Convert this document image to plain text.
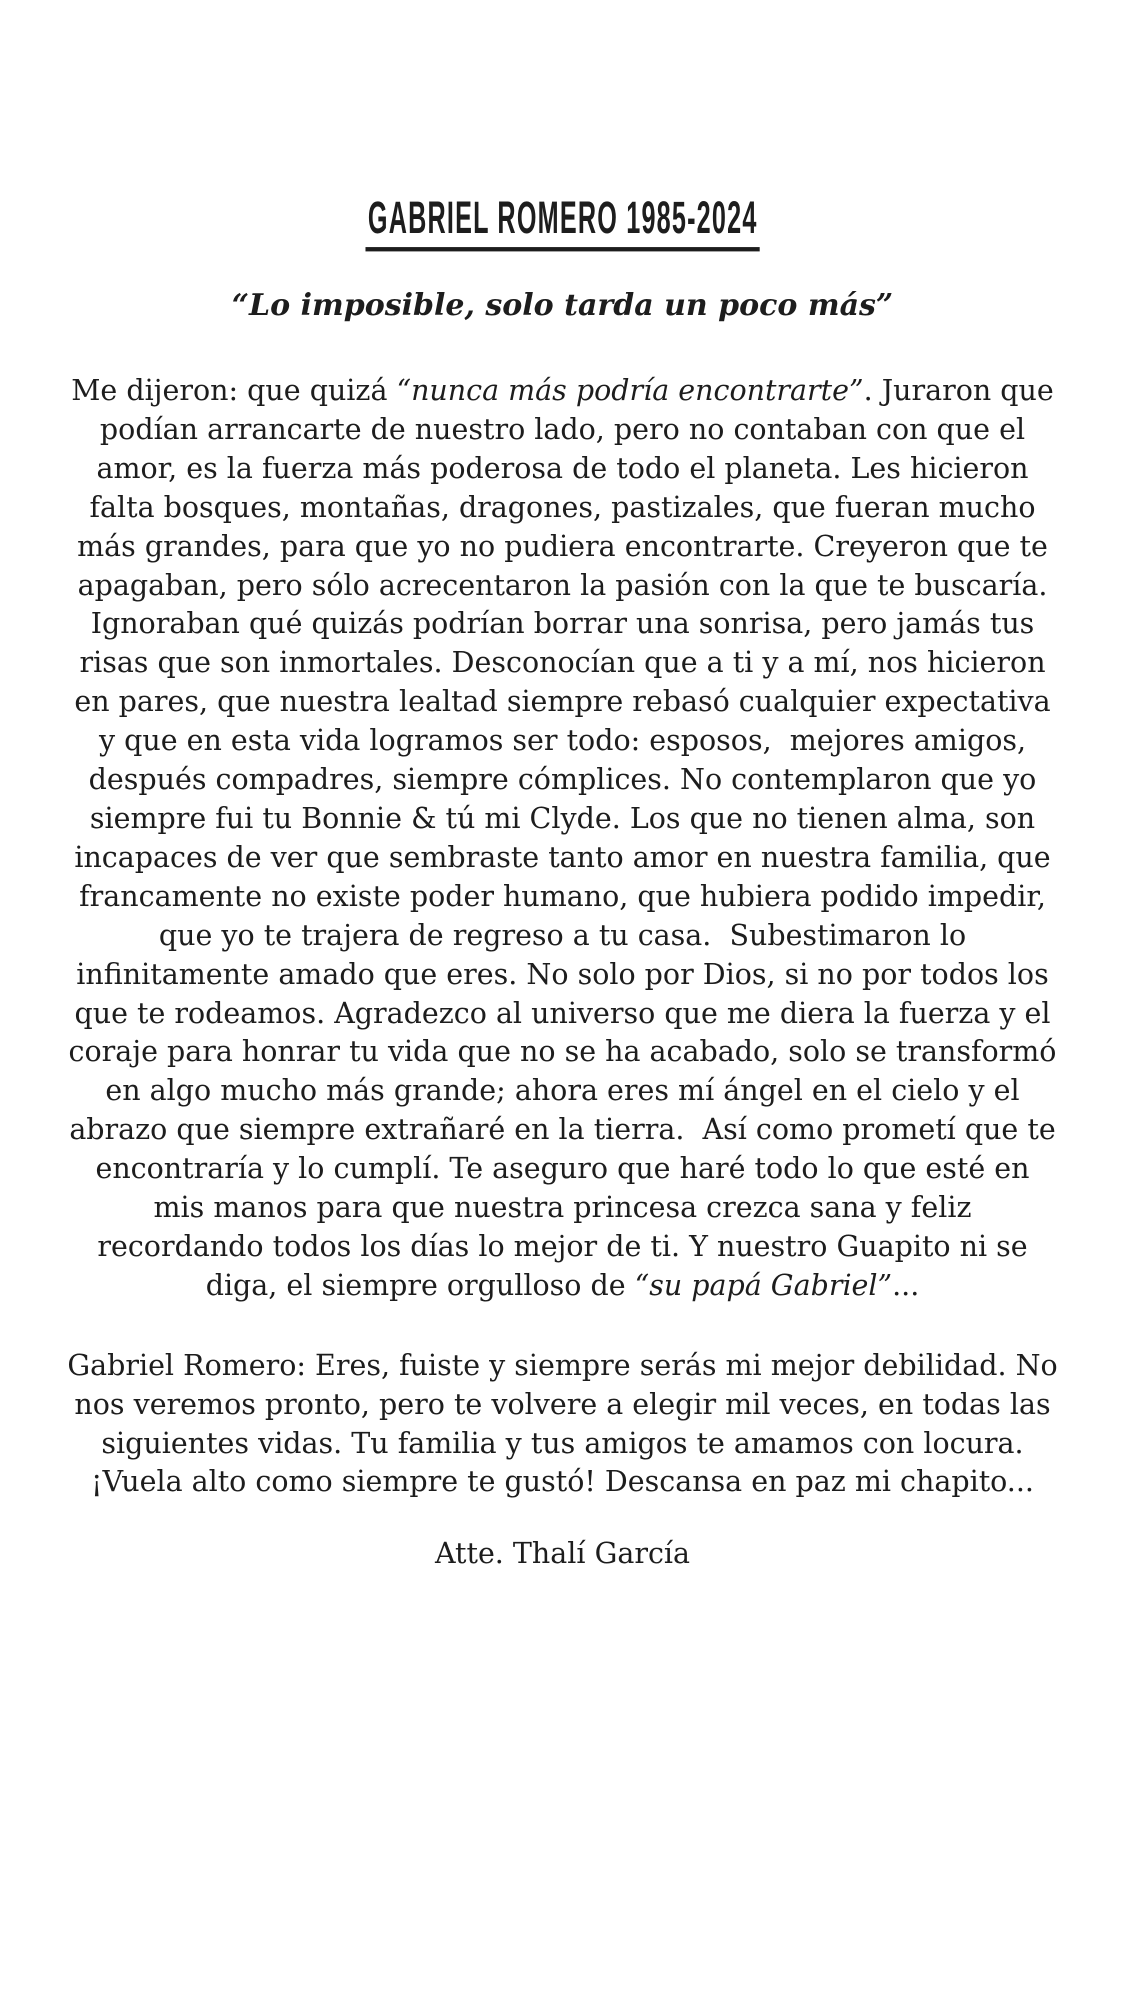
GABRIEL ROMERO 1985-2024
“Lo imposible, solo tarda un poco más”
Me dijeron: que quizá “nunca más podría encontrarte”. Juraron que
podían arrancarte de nuestro lado, pero no contaban con que el
amor, es la fuerza más poderosa de todo el planeta. Les hicieron
falta bosques, montañas, dragones, pastizales, que fueran mucho
más grandes, para que yo no pudiera encontrarte. Creyeron que te
apagaban, pero sólo acrecentaron la pasión con la que te buscaría.
Ignoraban qué quizás podrían borrar una sonrisa, pero jamás tus
risas que son inmortales. Desconocían que a ti y a mí, nos hicieron
en pares, que nuestra lealtad siempre rebasó cualquier expectativa
y que en esta vida logramos ser todo: esposos,  mejores amigos,
después compadres, siempre cómplices. No contemplaron que yo
siempre fui tu Bonnie & tú mi Clyde. Los que no tienen alma, son
incapaces de ver que sembraste tanto amor en nuestra familia, que
francamente no existe poder humano, que hubiera podido impedir,
que yo te trajera de regreso a tu casa.  Subestimaron lo
infinitamente amado que eres. No solo por Dios, si no por todos los
que te rodeamos. Agradezco al universo que me diera la fuerza y el
coraje para honrar tu vida que no se ha acabado, solo se transformó
en algo mucho más grande; ahora eres mí ángel en el cielo y el
abrazo que siempre extrañaré en la tierra.  Así como prometí que te
encontraría y lo cumplí. Te aseguro que haré todo lo que esté en
mis manos para que nuestra princesa crezca sana y feliz
recordando todos los días lo mejor de ti. Y nuestro Guapito ni se
diga, el siempre orgulloso de “su papá Gabriel”...
Gabriel Romero: Eres, fuiste y siempre serás mi mejor debilidad. No
nos veremos pronto, pero te volvere a elegir mil veces, en todas las
siguientes vidas. Tu familia y tus amigos te amamos con locura.
¡Vuela alto como siempre te gustó! Descansa en paz mi chapito...
Atte. Thalí García
